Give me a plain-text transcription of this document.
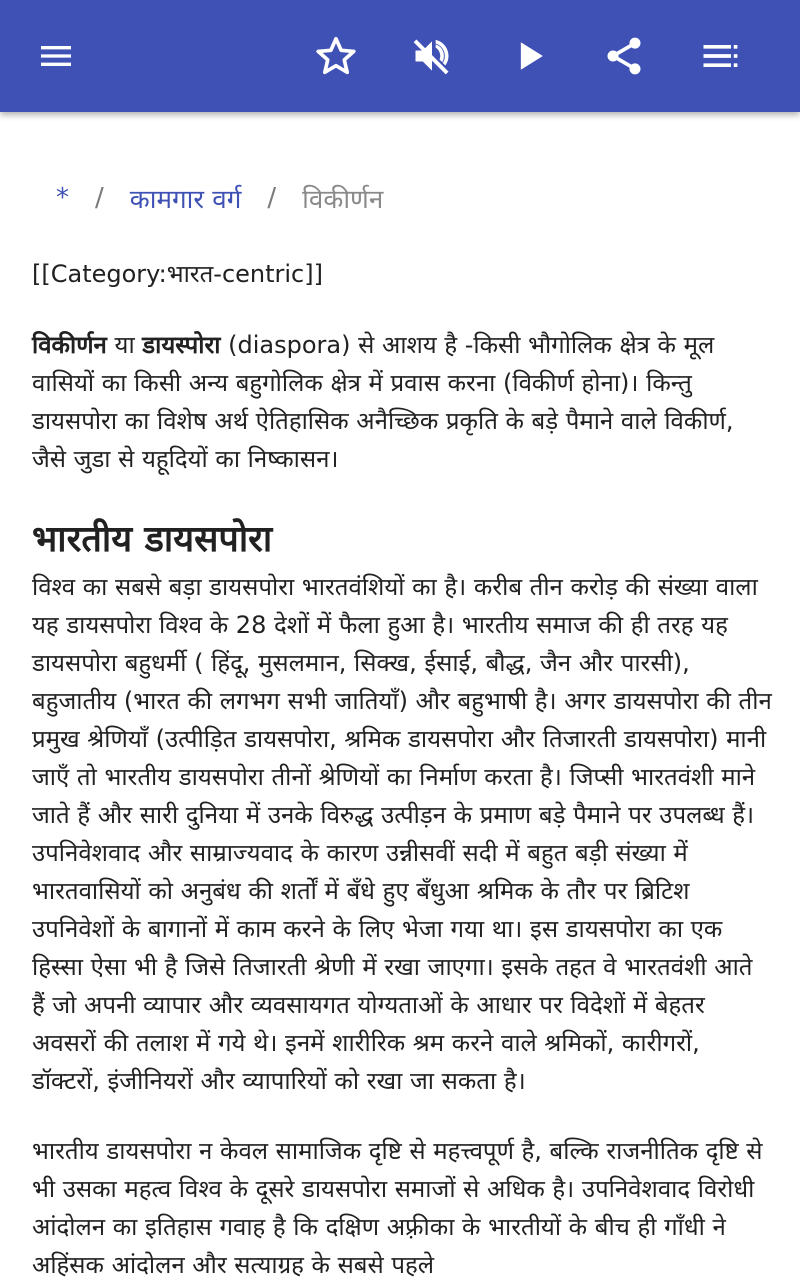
* / कामगार वर्ग / विकीर्णन
[[Category:भारत-centric]]
विकीर्णन या डायस्पोरा (diaspora) से आशय है -किसी भौगोलिक क्षेत्र के मूल वासियों का किसी अन्य बहुगोलिक क्षेत्र में प्रवास करना (विकीर्ण होना)। किन्तु डायसपोरा का विशेष अर्थ ऐतिहासिक अनैच्छिक प्रकृति के बड़े पैमाने वाले विकीर्ण, जैसे जुडा से यहूदियों का निष्कासन।
भारतीय डायसपोरा
विश्व का सबसे बड़ा डायसपोरा भारतवंशियों का है। करीब तीन करोड़ की संख्या वाला यह डायसपोरा विश्व के 28 देशों में फैला हुआ है। भारतीय समाज की ही तरह यह डायसपोरा बहुधर्मी ( हिंदू, मुसलमान, सिक्ख, ईसाई, बौद्ध, जैन और पारसी), बहुजातीय (भारत की लगभग सभी जातियाँ) और बहुभाषी है। अगर डायसपोरा की तीन प्रमुख श्रेणियाँ (उत्पीड़ित डायसपोरा, श्रमिक डायसपोरा और तिजारती डायसपोरा) मानी जाएँ तो भारतीय डायसपोरा तीनों श्रेणियों का निर्माण करता है। जिप्सी भारतवंशी माने जाते हैं और सारी दुनिया में उनके विरुद्ध उत्पीड़न के प्रमाण बड़े पैमाने पर उपलब्ध हैं। उपनिवेशवाद और साम्राज्यवाद के कारण उन्नीसवीं सदी में बहुत बड़ी संख्या में भारतवासियों को अनुबंध की शर्तों में बँधे हुए बँधुआ श्रमिक के तौर पर ब्रिटिश उपनिवेशों के बागानों में काम करने के लिए भेजा गया था। इस डायसपोरा का एक हिस्सा ऐसा भी है जिसे तिजारती श्रेणी में रखा जाएगा। इसके तहत वे भारतवंशी आते हैं जो अपनी व्यापार और व्यवसायगत योग्यताओं के आधार पर विदेशों में बेहतर अवसरों की तलाश में गये थे। इनमें शारीरिक श्रम करने वाले श्रमिकों, कारीगरों, डॉक्टरों, इंजीनियरों और व्यापारियों को रखा जा सकता है।
भारतीय डायसपोरा न केवल सामाजिक दृष्टि से महत्त्वपूर्ण है, बल्कि राजनीतिक दृष्टि से भी उसका महत्व विश्व के दूसरे डायसपोरा समाजों से अधिक है। उपनिवेशवाद विरोधी आंदोलन का इतिहास गवाह है कि दक्षिण अफ़्रीका के भारतीयों के बीच ही गाँधी ने अहिंसक आंदोलन और सत्याग्रह के सबसे पहले
